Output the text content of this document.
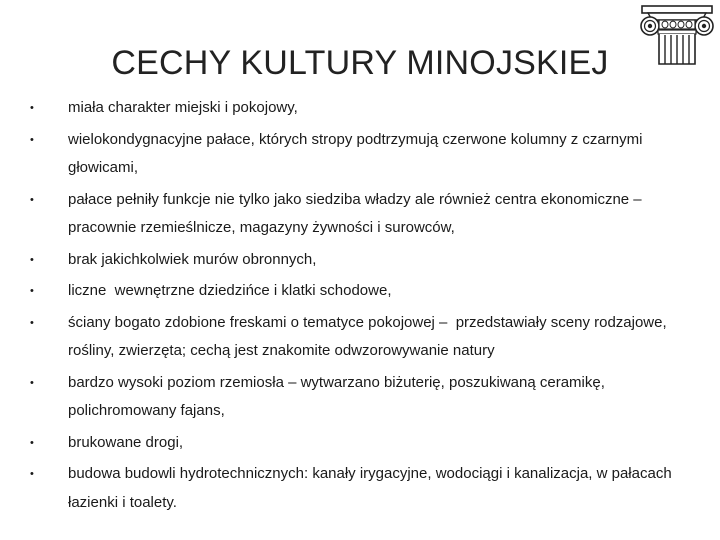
CECHY KULTURY MINOJSKIEJ
• miała charakter miejski i pokojowy,
• wielokondygnacyjne pałace, których stropy podtrzymują czerwone kolumny z czarnymi głowicami,
• pałace pełniły funkcje nie tylko jako siedziba władzy ale również centra ekonomiczne – pracownie rzemieślnicze, magazyny żywności i surowców,
• brak jakichkolwiek murów obronnych,
• liczne  wewnętrzne dziedzińce i klatki schodowe,
• ściany bogato zdobione freskami o tematyce pokojowej –  przedstawiały sceny rodzajowe, rośliny, zwierzęta; cechą jest znakomite odwzorowywanie natury
• bardzo wysoki poziom rzemiosła – wytwarzano biżuterię, poszukiwaną ceramikę, polichromowany fajans,
• brukowane drogi,
• budowa budowli hydrotechnicznych: kanały irygacyjne, wodociągi i kanalizacja, w pałacach łazienki i toalety.
